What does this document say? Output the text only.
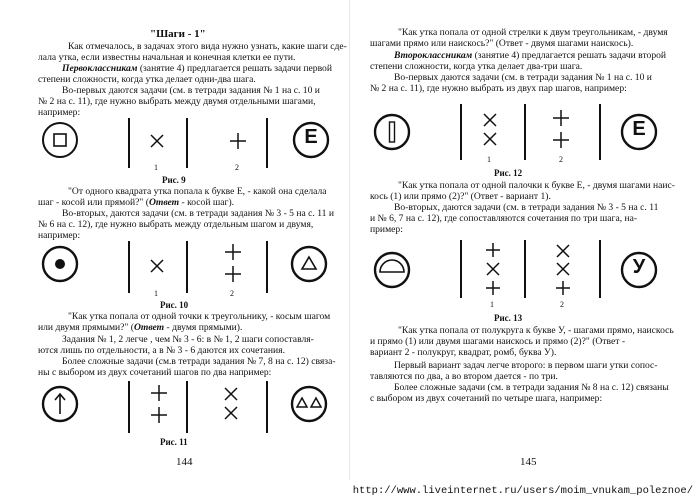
"Шаги - 1"
Как отмечалось, в задачах этого вида нужно узнать, какие шаги сде-
лала утка, если известны начальная и конечная клетки ее пути.
Первоклассникам (занятие 4) предлагается решать задачи первой
степени сложности, когда утка делает одни-два шага.
Во-первых даются задачи (см. в тетради задания № 1 на с. 10 и
№ 2 на с. 11), где нужно выбрать между двумя отдельными шагами,
например:
1	2
Е
Рис. 9
"От одного квадрата утка попала к букве Е, - какой она сделала
шаг - косой или прямой?" (Ответ - косой шаг).
Во-вторых, даются задачи (см. в тетради задания № 3 - 5 на с. 11 и
№ 6 на с. 12), где нужно выбрать между отдельным шагом и двумя,
например:
1	2
Рис. 10
"Как утка попала от одной точки к треугольнику, - косым шагом
или двумя прямыми?" (Ответ - двумя прямыми).
Задания № 1, 2 легче , чем № 3 - 6: в № 1, 2 шаги сопоставля-
ются лишь по отдельности, а в № 3 - 6 даются их сочетания.
Более сложные задачи (см.в тетради задания № 7, 8 на с. 12) связа-
ны с выбором из двух сочетаний шагов по два например:
Рис. 11
144
"Как утка попала от одной стрелки к двум треугольникам, - двумя
шагами прямо или наискось?" (Ответ - двумя шагами наискось).
Второклассникам (занятие 4) предлагается решать задачи второй
степени сложности, когда утка делает два-три шага.
Во-первых даются задачи (см. в тетради задания № 1 на с. 10 и
№ 2 на с. 11), где нужно выбрать из двух пар шагов, например:
1	2
Е
Рис. 12
"Как утка попала от одной палочки к букве Е, - двумя шагами наис-
кось (1) или прямо (2)?" (Ответ - вариант 1).
Во-вторых, даются задачи (см. в тетради задания № 3 - 5 на с. 11
и № 6, 7 на с. 12), где сопоставляются сочетания по три шага, на-
пример:
1	2
У
Рис. 13
"Как утка попала от полукруга к букве У, - шагами прямо, наискось
и прямо (1) или двумя шагами наискось и прямо (2)?" (Ответ -
вариант 2 - полукруг, квадрат, ромб, буква У).
Первый вариант задач легче второго: в первом шаги утки сопос-
тавляются по два, а во втором дается - по три.
Более сложные задачи (см. в тетради задания № 8 на с. 12) связаны
с выбором из двух сочетаний по четыре шага, например:
145
http://www.liveinternet.ru/users/moim_vnukam_poleznoe/
